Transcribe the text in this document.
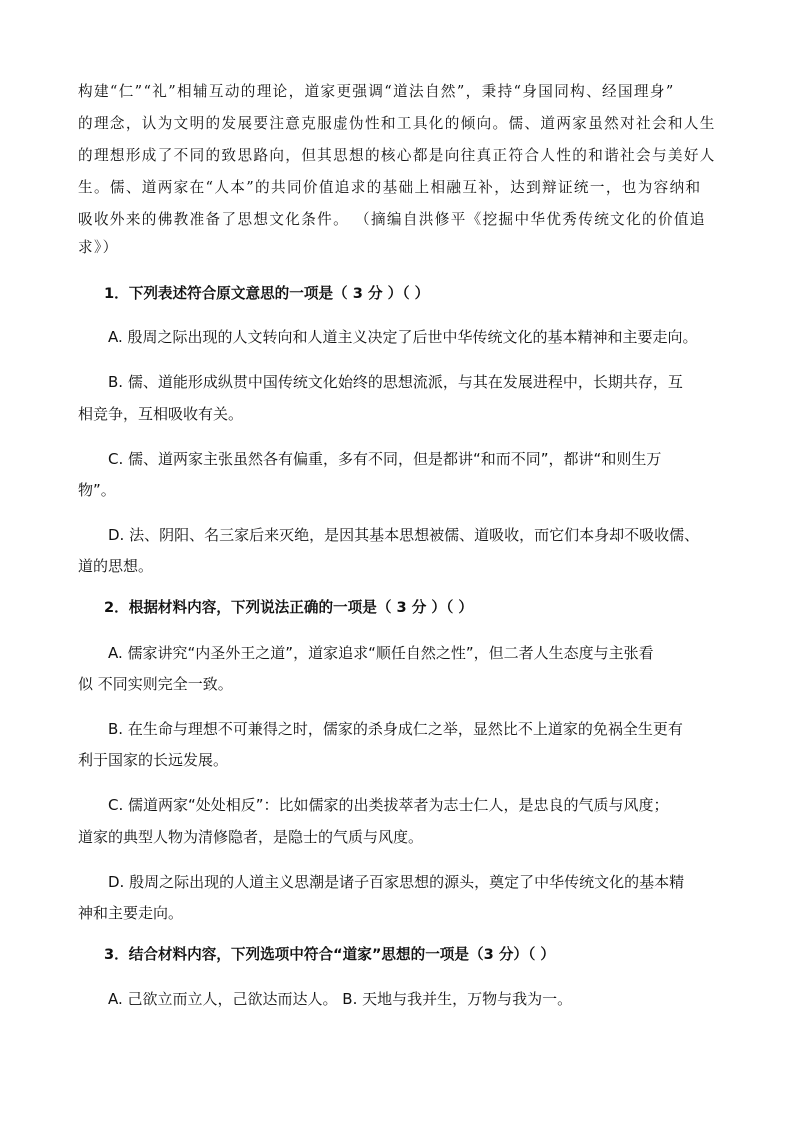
构建“仁”“礼”相辅互动的理论，道家更强调“道法自然”，秉持“身国同构、经国理身”
的理念，认为文明的发展要注意克服虚伪性和工具化的倾向。儒、道两家虽然对社会和人生
的理想形成了不同的致思路向，但其思想的核心都是向往真正符合人性的和谐社会与美好人
生。儒、道两家在“人本”的共同价值追求的基础上相融互补，达到辩证统一，也为容纳和
吸收外来的佛教准备了思想文化条件。 （摘编自洪修平《挖掘中华优秀传统文化的价值追
求》）
1．下列表述符合原文意思的一项是（ 3 分 ）（ ）
A. 殷周之际出现的人文转向和人道主义决定了后世中华传统文化的基本精神和主要走向。
B. 儒、道能形成纵贯中国传统文化始终的思想流派，与其在发展进程中，长期共存，互
相竞争，互相吸收有关。
C. 儒、道两家主张虽然各有偏重，多有不同，但是都讲“和而不同”，都讲“和则生万
物”。
D. 法、阴阳、名三家后来灭绝，是因其基本思想被儒、道吸收，而它们本身却不吸收儒、
道的思想。
2．根据材料内容，下列说法正确的一项是（ 3 分 ）（ ）
A. 儒家讲究“内圣外王之道”，道家追求“顺任自然之性”，但二者人生态度与主张看
似 不同实则完全一致。
B. 在生命与理想不可兼得之时，儒家的杀身成仁之举，显然比不上道家的免祸全生更有
利于国家的长远发展。
C. 儒道两家“处处相反”：比如儒家的出类拔萃者为志士仁人，是忠良的气质与风度；
道家的典型人物为清修隐者，是隐士的气质与风度。
D. 殷周之际出现的人道主义思潮是诸子百家思想的源头，奠定了中华传统文化的基本精
神和主要走向。
3．结合材料内容，下列选项中符合“道家”思想的一项是（3 分）（ ）
A. 己欲立而立人，己欲达而达人。 B. 天地与我并生，万物与我为一。
